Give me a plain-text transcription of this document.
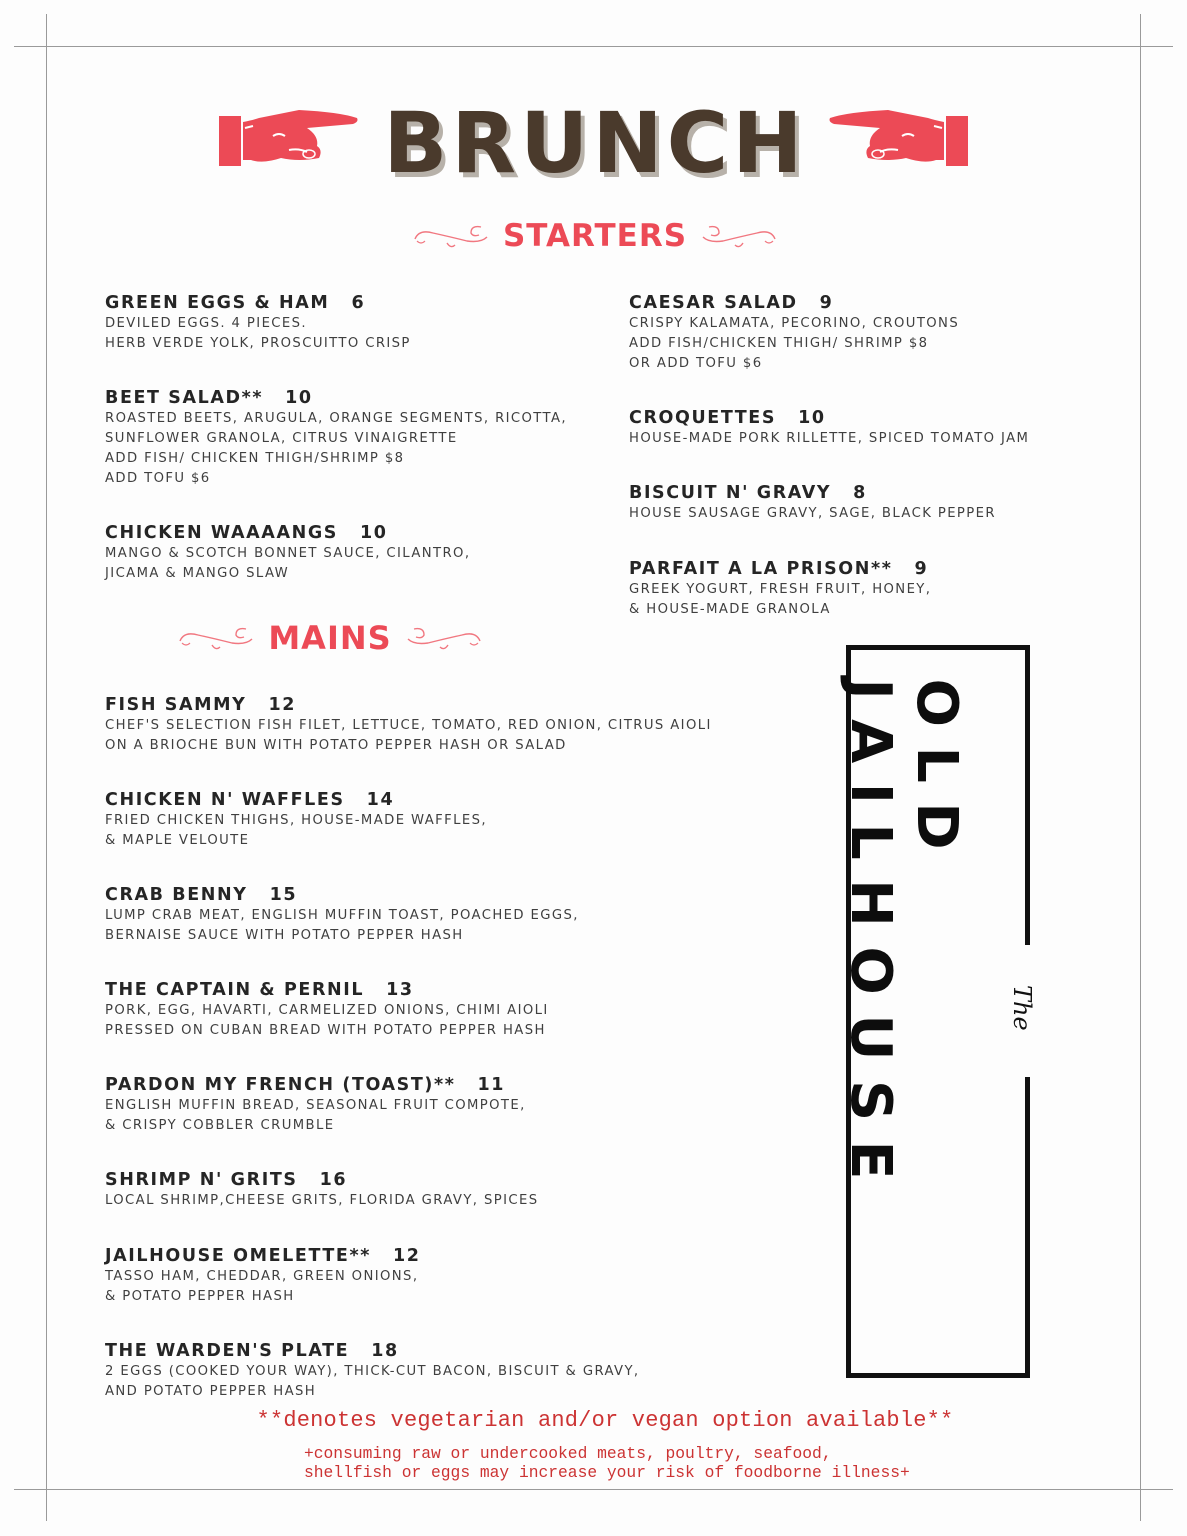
BRUNCH
STARTERS
GREEN EGGS & HAM 6
DEVILED EGGS. 4 PIECES.
HERB VERDE YOLK, PROSCUITTO CRISP
BEET SALAD** 10
ROASTED BEETS, ARUGULA, ORANGE SEGMENTS, RICOTTA,
SUNFLOWER GRANOLA, CITRUS VINAIGRETTE
ADD FISH/ CHICKEN THIGH/SHRIMP $8
ADD TOFU $6
CHICKEN WAAAANGS 10
MANGO & SCOTCH BONNET SAUCE, CILANTRO,
JICAMA & MANGO SLAW
CAESAR SALAD 9
CRISPY KALAMATA, PECORINO, CROUTONS
ADD FISH/CHICKEN THIGH/ SHRIMP $8
OR ADD TOFU $6
CROQUETTES 10
HOUSE-MADE PORK RILLETTE, SPICED TOMATO JAM
BISCUIT N' GRAVY 8
HOUSE SAUSAGE GRAVY, SAGE, BLACK PEPPER
PARFAIT A LA PRISON** 9
GREEK YOGURT, FRESH FRUIT, HONEY,
& HOUSE-MADE GRANOLA
MAINS
FISH SAMMY 12
CHEF'S SELECTION FISH FILET, LETTUCE, TOMATO, RED ONION, CITRUS AIOLI
ON A BRIOCHE BUN WITH POTATO PEPPER HASH OR SALAD
CHICKEN N' WAFFLES 14
FRIED CHICKEN THIGHS, HOUSE-MADE WAFFLES,
& MAPLE VELOUTE
CRAB BENNY 15
LUMP CRAB MEAT, ENGLISH MUFFIN TOAST, POACHED EGGS,
BERNAISE SAUCE WITH POTATO PEPPER HASH
THE CAPTAIN & PERNIL 13
PORK, EGG, HAVARTI, CARMELIZED ONIONS, CHIMI AIOLI
PRESSED ON CUBAN BREAD WITH POTATO PEPPER HASH
PARDON MY FRENCH (TOAST)** 11
ENGLISH MUFFIN BREAD, SEASONAL FRUIT COMPOTE,
& CRISPY COBBLER CRUMBLE
SHRIMP N' GRITS 16
LOCAL SHRIMP,CHEESE GRITS, FLORIDA GRAVY, SPICES
JAILHOUSE OMELETTE** 12
TASSO HAM, CHEDDAR, GREEN ONIONS,
& POTATO PEPPER HASH
THE WARDEN'S PLATE 18
2 EGGS (COOKED YOUR WAY), THICK-CUT BACON, BISCUIT & GRAVY,
AND POTATO PEPPER HASH
OLD JAILHOUSE	The
**denotes vegetarian and/or vegan option available**
+consuming raw or undercooked meats, poultry, seafood,
shellfish or eggs may increase your risk of foodborne illness+
